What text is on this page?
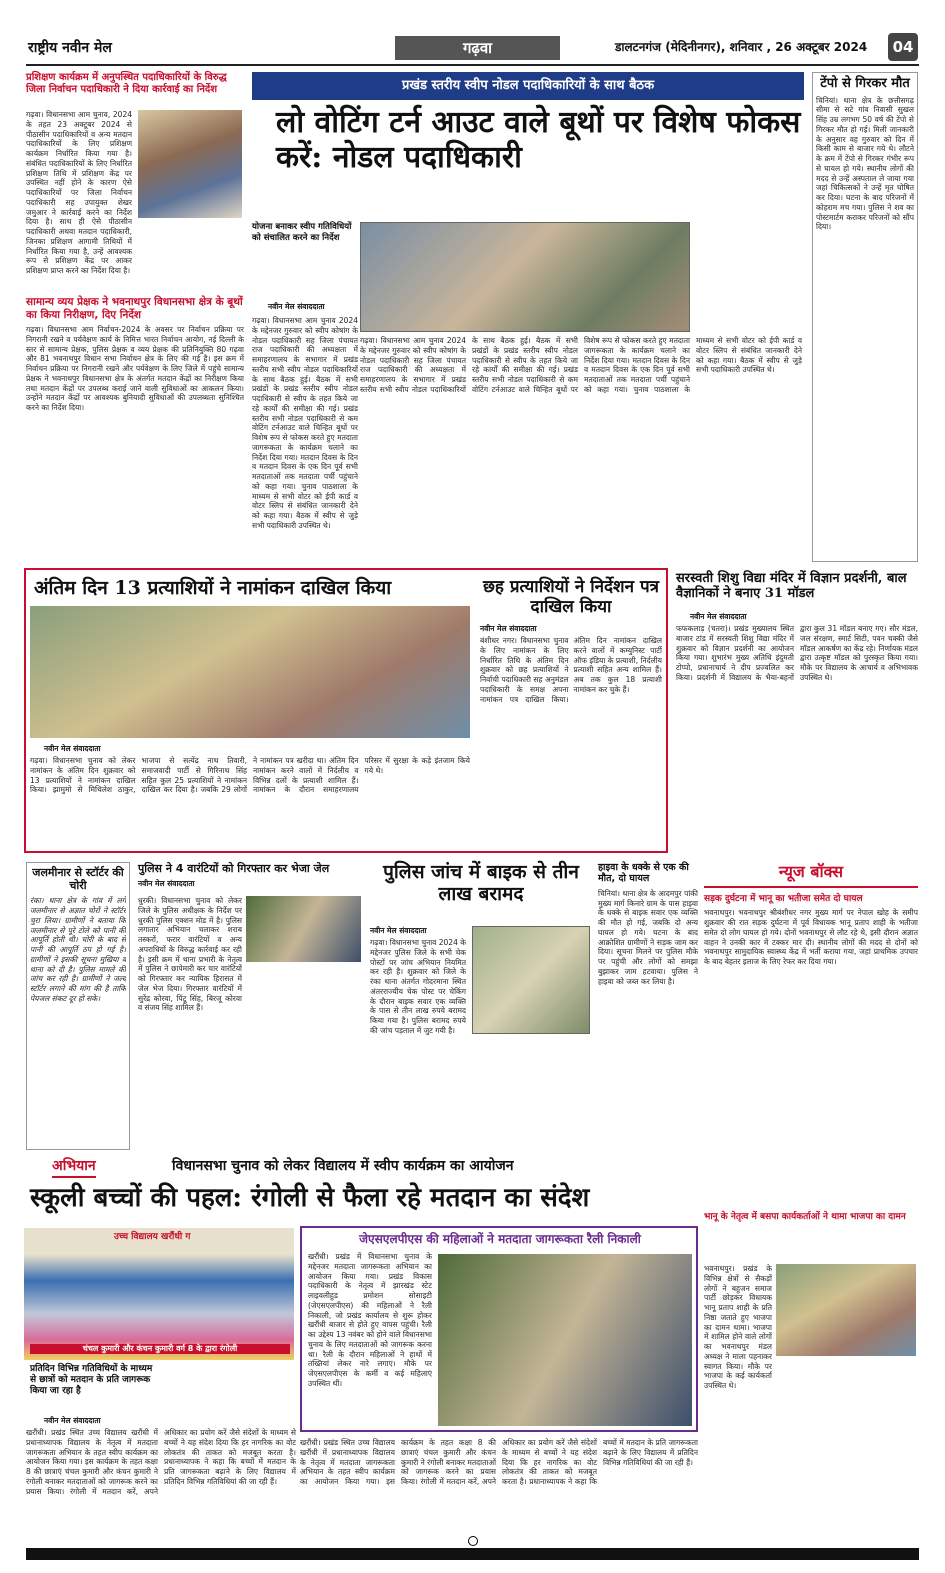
राष्ट्रीय नवीन मेल	गढ़वा	डालटनगंज (मेदिनीनगर), शनिवार , 26 अक्टूबर 2024	04
प्रशिक्षण कार्यक्रम में अनुपस्थित पदाधिकारियों के विरुद्ध जिला निर्वाचन पदाधिकारी ने दिया कार्रवाई का निर्देश
गढ़वा। विधानसभा आम चुनाव, 2024 के तहत 23 अक्टूबर 2024 से पीठासीन पदाधिकारियों व अन्य मतदान पदाधिकारियों के लिए प्रशिक्षण कार्यक्रम निर्धारित किया गया है। संबंधित पदाधिकारियों के लिए निर्धारित प्रशिक्षण तिथि में प्रशिक्षण केंद्र पर उपस्थित नहीं होने के कारण ऐसे पदाधिकारियों पर जिला निर्वाचन पदाधिकारी सह उपायुक्त शेखर जमुआर ने कार्रवाई करने का निर्देश दिया है। साथ ही ऐसे पीठासीन पदाधिकारी अथवा मतदान पदाधिकारी, जिनका प्रशिक्षण आगामी तिथियों में निर्धारित किया गया है, उन्हें आवश्यक रूप से प्रशिक्षण केंद्र पर आकर प्रशिक्षण प्राप्त करने का निर्देश दिया है।
सामान्य व्यय प्रेक्षक ने भवनाथपुर विधानसभा क्षेत्र के बूथों का किया निरीक्षण, दिए निर्देश
गढ़वा। विधानसभा आम निर्वाचन-2024 के अवसर पर निर्वाचन प्रक्रिया पर निगरानी रखने व पर्यवेक्षण कार्य के निमित्त भारत निर्वाचन आयोग, नई दिल्ली के स्तर से सामान्य प्रेक्षक, पुलिस प्रेक्षक व व्यय प्रेक्षक की प्रतिनियुक्ति 80 गढ़वा और 81 भवनाथपुर विधान सभा निर्वाचन क्षेत्र के लिए की गई है। इस क्रम में निर्वाचन प्रक्रिया पर निगरानी रखने और पर्यवेक्षण के लिए जिले में पहुंचे सामान्य प्रेक्षक ने भवनाथपुर विधानसभा क्षेत्र के अंतर्गत मतदान केंद्रों का निरीक्षण किया तथा मतदान केंद्रों पर उपलब्ध कराई जाने वाली सुविधाओं का आकलन किया। उन्होंने मतदान केंद्रों पर आवश्यक बुनियादी सुविधाओं की उपलब्धता सुनिश्चित करने का निर्देश दिया।
प्रखंड स्तरीय स्वीप नोडल पदाधिकारियों के साथ बैठक
लो वोटिंग टर्न आउट वाले बूथों पर विशेष फोकस करें: नोडल पदाधिकारी
योजना बनाकर स्वीप गतिविधियों को संचालित करने का निर्देश
नवीन मेल संवाददाता
गढ़वा। विधानसभा आम चुनाव 2024 के मद्देनजर गुरुवार को स्वीप कोषांग के नोडल पदाधिकारी सह जिला पंचायत राज पदाधिकारी की अध्यक्षता में समाहरणालय के सभागार में प्रखंड स्तरीय सभी स्वीप नोडल पदाधिकारियों के साथ बैठक हुई। बैठक में सभी प्रखंडों के प्रखंड स्तरीय स्वीप नोडल पदाधिकारी से स्वीप के तहत किये जा रहे कार्यों की समीक्षा की गई। प्रखंड स्तरीय सभी नोडल पदाधिकारी से कम वोटिंग टर्नआउट वाले चिन्हित बूथों पर विशेष रूप से फोकस करते हुए मतदाता जागरूकता के कार्यक्रम चलाने का निर्देश दिया गया। मतदान दिवस के दिन व मतदान दिवस के एक दिन पूर्व सभी मतदाताओं तक मतदाता पर्ची पहुंचाने को कहा गया। चुनाव पाठशाला के माध्यम से सभी वोटर को ईपी कार्ड व वोटर स्लिप से संबंधित जानकारी देने को कहा गया। बैठक में स्वीप से जुड़े सभी पदाधिकारी उपस्थित थे।
गढ़वा। विधानसभा आम चुनाव 2024 के मद्देनजर गुरुवार को स्वीप कोषांग के नोडल पदाधिकारी सह जिला पंचायत राज पदाधिकारी की अध्यक्षता में समाहरणालय के सभागार में प्रखंड स्तरीय सभी स्वीप नोडल पदाधिकारियों के साथ बैठक हुई। बैठक में सभी प्रखंडों के प्रखंड स्तरीय स्वीप नोडल पदाधिकारी से स्वीप के तहत किये जा रहे कार्यों की समीक्षा की गई। प्रखंड स्तरीय सभी नोडल पदाधिकारी से कम वोटिंग टर्नआउट वाले चिन्हित बूथों पर विशेष रूप से फोकस करते हुए मतदाता जागरूकता के कार्यक्रम चलाने का निर्देश दिया गया। मतदान दिवस के दिन व मतदान दिवस के एक दिन पूर्व सभी मतदाताओं तक मतदाता पर्ची पहुंचाने को कहा गया। चुनाव पाठशाला के माध्यम से सभी वोटर को ईपी कार्ड व वोटर स्लिप से संबंधित जानकारी देने को कहा गया। बैठक में स्वीप से जुड़े सभी पदाधिकारी उपस्थित थे।
टेंपो से गिरकर मौत
चिनियां। थाना क्षेत्र के छत्तीसगढ़ सीमा से सटे गांव निवासी सुखल सिंह उम्र लगभग 50 वर्ष की टेंपो से गिरकर मौत हो गई। मिली जानकारी के अनुसार वह गुरुवार को दिन में किसी काम से बाजार गये थे। लौटने के क्रम में टेंपो से गिरकर गंभीर रूप से घायल हो गये। स्थानीय लोगों की मदद से उन्हें अस्पताल ले जाया गया जहां चिकित्सकों ने उन्हें मृत घोषित कर दिया। घटना के बाद परिजनों में कोहराम मच गया। पुलिस ने शव का पोस्टमार्टम कराकर परिजनों को सौंप दिया।
अंतिम दिन 13 प्रत्याशियों ने नामांकन दाखिल किया
नवीन मेल संवाददाता
गढ़वा। विधानसभा चुनाव को लेकर नामांकन के अंतिम दिन शुक्रवार को 13 प्रत्याशियों ने नामांकन दाखिल किया। झामुमो से मिथिलेश ठाकुर, भाजपा से सत्येंद्र नाथ तिवारी, समाजवादी पार्टी से गिरिनाथ सिंह सहित कुल 25 प्रत्याशियों ने नामांकन दाखिल कर दिया है। जबकि 29 लोगों ने नामांकन पत्र खरीदा था। अंतिम दिन नामांकन करने वालों में निर्दलीय व विभिन्न दलों के प्रत्याशी शामिल हैं। नामांकन के दौरान समाहरणालय परिसर में सुरक्षा के कड़े इंतजाम किये गये थे।
छह प्रत्याशियों ने निर्देशन पत्र दाखिल किया
नवीन मेल संवाददाता
बंशीधर नगर। विधानसभा चुनाव के लिए नामांकन के लिए निर्धारित तिथि के अंतिम दिन शुक्रवार को छह प्रत्याशियों ने निर्वाची पदाधिकारी सह अनुमंडल पदाधिकारी के समक्ष अपना नामांकन पत्र दाखिल किया। अंतिम दिन नामांकन दाखिल करने वालों में कम्युनिस्ट पार्टी ऑफ इंडिया के प्रत्याशी, निर्दलीय प्रत्याशी सहित अन्य शामिल हैं। अब तक कुल 18 प्रत्याशी नामांकन कर चुके हैं।
सरस्वती शिशु विद्या मंदिर में विज्ञान प्रदर्शनी, बाल वैज्ञानिकों ने बनाए 31 मॉडल
नवीन मेल संवाददाता
फफकलाड़ (चतरा)। प्रखंड मुख्यालय स्थित बाजार टांड में सरस्वती शिशु विद्या मंदिर में शुक्रवार को विज्ञान प्रदर्शनी का आयोजन किया गया। शुभारंभ मुख्य अतिथि इंदुमती टोप्पो, प्रधानाचार्य ने दीप प्रज्वलित कर किया। प्रदर्शनी में विद्यालय के भैया-बहनों द्वारा कुल 31 मॉडल बनाए गए। सौर मंडल, जल संरक्षण, स्मार्ट सिटी, पवन चक्की जैसे मॉडल आकर्षण का केंद्र रहे। निर्णायक मंडल द्वारा उत्कृष्ट मॉडल को पुरस्कृत किया गया। मौके पर विद्यालय के आचार्य व अभिभावक उपस्थित थे।
जलमीनार से स्टॉर्टर की चोरी
रंका। थाना क्षेत्र के गांव में लगे जलमीनार से अज्ञात चोरों ने स्टॉर्टर चुरा लिया। ग्रामीणों ने बताया कि जलमीनार से पूरे टोले को पानी की आपूर्ति होती थी। चोरी के बाद से पानी की आपूर्ति ठप हो गई है। ग्रामीणों ने इसकी सूचना मुखिया व थाना को दी है। पुलिस मामले की जांच कर रही है। ग्रामीणों ने जल्द स्टॉर्टर लगाने की मांग की है ताकि पेयजल संकट दूर हो सके।
पुलिस ने 4 वारंटियों को गिरफ्तार कर भेजा जेल
नवीन मेल संवाददाता
धुरकी। विधानसभा चुनाव को लेकर जिले के पुलिस अधीक्षक के निर्देश पर धुरकी पुलिस एक्शन मोड में है। पुलिस लगातार अभियान चलाकर शराब तस्करों, फरार वारंटियों व अन्य अपराधियों के विरुद्ध कार्रवाई कर रही है। इसी क्रम में थाना प्रभारी के नेतृत्व में पुलिस ने छापेमारी कर चार वारंटियों को गिरफ्तार कर न्यायिक हिरासत में जेल भेज दिया। गिरफ्तार वारंटियों में सुरेंद्र कोरवा, पिंटू सिंह, बिरजू कोरवा व संजय सिंह शामिल हैं।
पुलिस जांच में बाइक से तीन लाख बरामद
नवीन मेल संवाददाता
गढ़वा। विधानसभा चुनाव 2024 के मद्देनजर पुलिस जिले के सभी चेक पोस्टों पर जांच अभियान नियमित कर रही है। शुक्रवार को जिले के रंका थाना अंतर्गत गोदरमाना स्थित अंतरराज्यीय चेक पोस्ट पर चेकिंग के दौरान बाइक सवार एक व्यक्ति के पास से तीन लाख रुपये बरामद किया गया है। पुलिस बरामद रुपये की जांच पड़ताल में जुट गयी है।
हाइवा के धक्के से एक की मौत, दो घायल
चिनियां। थाना क्षेत्र के आदमपुर पांकी मुख्य मार्ग किनारे ग्राम के पास हाइवा के धक्के से बाइक सवार एक व्यक्ति की मौत हो गई, जबकि दो अन्य घायल हो गये। घटना के बाद आक्रोशित ग्रामीणों ने सड़क जाम कर दिया। सूचना मिलने पर पुलिस मौके पर पहुंची और लोगों को समझा बुझाकर जाम हटवाया। पुलिस ने हाइवा को जब्त कर लिया है।
न्यूज बॉक्स
सड़क दुर्घटना में भानू का भतीजा समेत दो घायल
भवनाथपुर। भवनाथपुर श्रीबंशीधर नगर मुख्य मार्ग पर नेपाल खोह के समीप शुक्रवार की रात सड़क दुर्घटना में पूर्व विधायक भानू प्रताप शाही के भतीजा समेत दो लोग घायल हो गये। दोनों भवनाथपुर से लौट रहे थे, इसी दौरान अज्ञात वाहन ने उनकी कार में टक्कर मार दी। स्थानीय लोगों की मदद से दोनों को भवनाथपुर सामुदायिक स्वास्थ्य केंद्र में भर्ती कराया गया, जहां प्राथमिक उपचार के बाद बेहतर इलाज के लिए रेफर कर दिया गया।
भानू के नेतृत्व में बसपा कार्यकर्ताओं ने थामा भाजपा का दामन
भवनाथपुर। प्रखंड के विभिन्न क्षेत्रों से सैकड़ों लोगों ने बहुजन समाज पार्टी छोड़कर विधायक भानू प्रताप शाही के प्रति निष्ठा जताते हुए भाजपा का दामन थामा। भाजपा में शामिल होने वाले लोगों का भवनाथपुर मंडल अध्यक्ष ने माला पहनाकर स्वागत किया। मौके पर भाजपा के कई कार्यकर्ता उपस्थित थे।
अभियान	विधानसभा चुनाव को लेकर विद्यालय में स्वीप कार्यक्रम का आयोजन
स्कूली बच्चों की पहल: रंगोली से फैला रहे मतदान का संदेश
उच्च विद्यालय खरौंधी ग
चंचल कुमारी और कंचन कुमारी वर्ग 8 के द्वारा रंगोली
प्रतिदिन विभिन्न गतिविधियों के माध्यम से छात्रों को मतदान के प्रति जागरूक किया जा रहा है
नवीन मेल संवाददाता
खरौंधी। प्रखंड स्थित उच्च विद्यालय खरौंधी में प्रधानाध्यापक विद्यालय के नेतृत्व में मतदाता जागरूकता अभियान के तहत स्वीप कार्यक्रम का आयोजन किया गया। इस कार्यक्रम के तहत कक्षा 8 की छात्राएं चंचल कुमारी और कंचन कुमारी ने रंगोली बनाकर मतदाताओं को जागरूक करने का प्रयास किया। रंगोली में मतदान करें, अपने अधिकार का प्रयोग करें जैसे संदेशों के माध्यम से बच्चों ने यह संदेश दिया कि हर नागरिक का वोट लोकतंत्र की ताकत को मजबूत करता है। प्रधानाध्यापक ने कहा कि बच्चों में मतदान के प्रति जागरूकता बढ़ाने के लिए विद्यालय में प्रतिदिन विभिन्न गतिविधियां की जा रही हैं।
जेएसएलपीएस की महिलाओं ने मतदाता जागरूकता रैली निकाली
खरौंधी। प्रखंड में विधानसभा चुनाव के मद्देनजर मतदाता जागरूकता अभियान का आयोजन किया गया। प्रखंड विकास पदाधिकारी के नेतृत्व में झारखंड स्टेट लाइवलीहुड प्रमोशन सोसाइटी (जेएसएलपीएस) की महिलाओं ने रैली निकाली, जो प्रखंड कार्यालय से शुरू होकर खरौंधी बाजार से होते हुए वापस पहुंची। रैली का उद्देश्य 13 नवंबर को होने वाले विधानसभा चुनाव के लिए मतदाताओं को जागरूक करना था। रैली के दौरान महिलाओं ने हाथों में तख्तियां लेकर नारे लगाए। मौके पर जेएसएलपीएस के कर्मी व कई महिलाएं उपस्थित थीं।
खरौंधी। प्रखंड स्थित उच्च विद्यालय खरौंधी में प्रधानाध्यापक विद्यालय के नेतृत्व में मतदाता जागरूकता अभियान के तहत स्वीप कार्यक्रम का आयोजन किया गया। इस कार्यक्रम के तहत कक्षा 8 की छात्राएं चंचल कुमारी और कंचन कुमारी ने रंगोली बनाकर मतदाताओं को जागरूक करने का प्रयास किया। रंगोली में मतदान करें, अपने अधिकार का प्रयोग करें जैसे संदेशों के माध्यम से बच्चों ने यह संदेश दिया कि हर नागरिक का वोट लोकतंत्र की ताकत को मजबूत करता है। प्रधानाध्यापक ने कहा कि बच्चों में मतदान के प्रति जागरूकता बढ़ाने के लिए विद्यालय में प्रतिदिन विभिन्न गतिविधियां की जा रही हैं।
